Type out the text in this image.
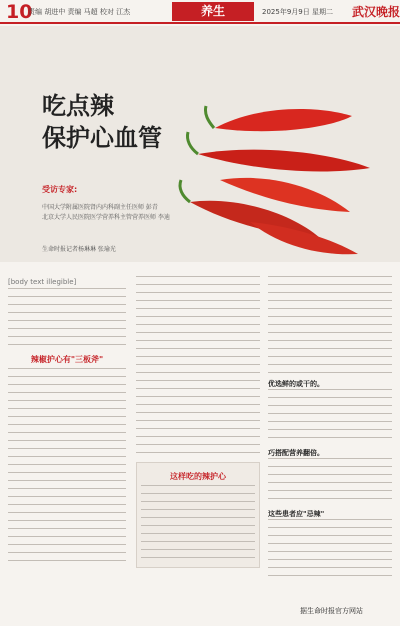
10
责编 胡进中 责编 马超 校对 江杰	养生	2025年9月9日 星期二 武汉晚报
吃点辣
保护心血管
受访专家:
中国大学附属医院肾内内科副主任医师 彭青
北京大学人民医院医学营养科主管营养医师 李迪
生命时报记者杨琳琳 张瑜光
[body text illegible]
辣椒护心有"三板斧"
这样吃的辣护心
优选鲜的或干的。
巧搭配营养翻倍。
这些患者应"忌辣"
据生命时报官方网站
